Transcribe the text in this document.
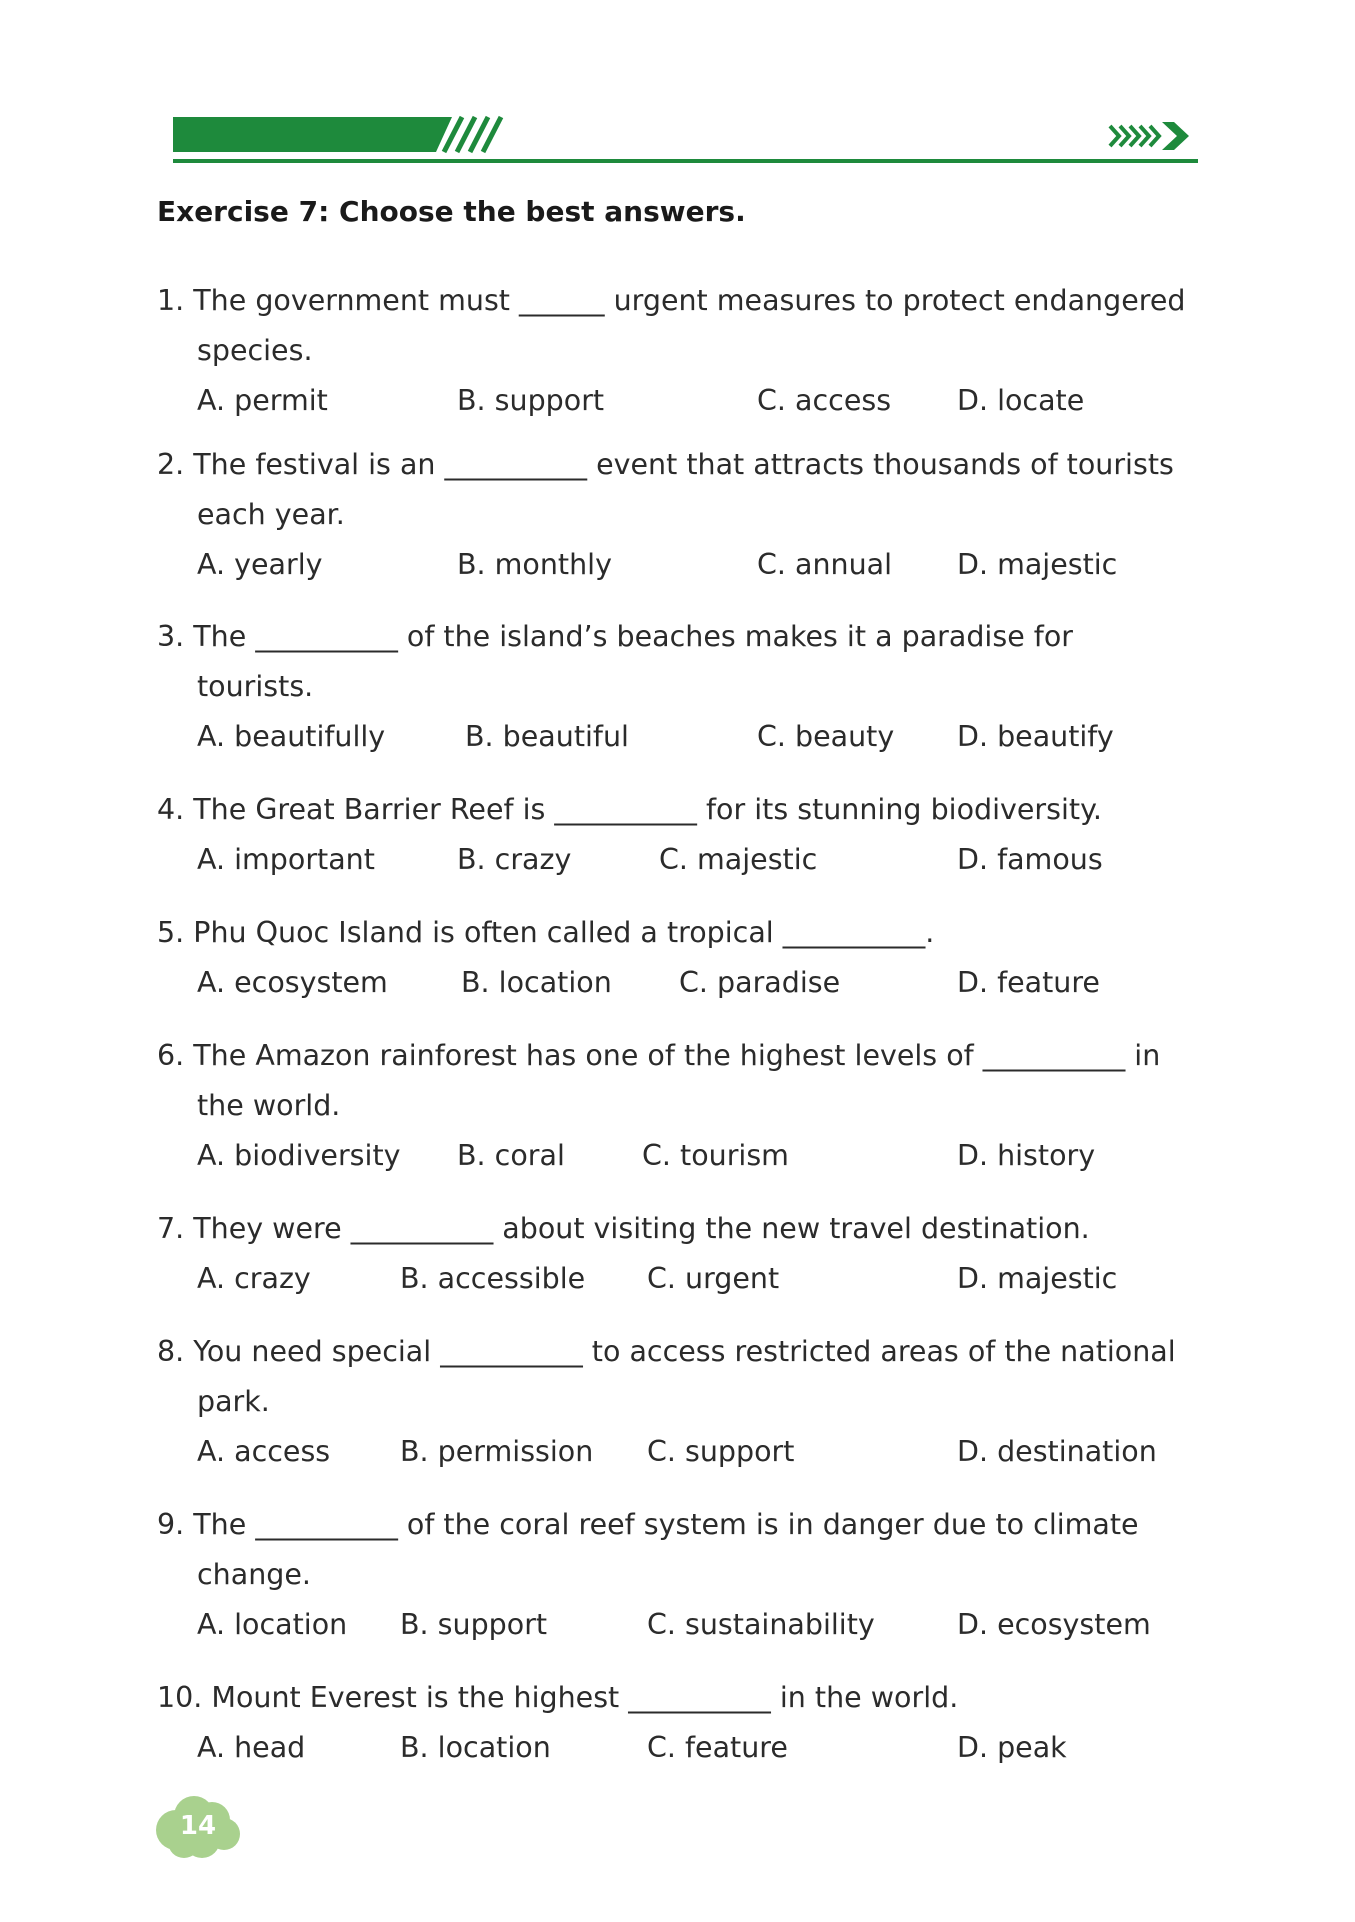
Exercise 7: Choose the best answers.
1. The government must ______ urgent measures to protect endangered
species.
A. permit	B. support	C. access D. locate
2. The festival is an __________ event that attracts thousands of tourists
each year.
A. yearly	B. monthly	C. annual D. majestic
3. The __________ of the island’s beaches makes it a paradise for
tourists.
A. beautifully	B. beautiful	C. beauty D. beautify
4. The Great Barrier Reef is __________ for its stunning biodiversity.
A. important	B. crazy	C. majestic	D. famous
5. Phu Quoc Island is often called a tropical __________.
A. ecosystem	B. location C. paradise	D. feature
6. The Amazon rainforest has one of the highest levels of __________ in
the world.
A. biodiversity B. coral	C. tourism	D. history
7. They were __________ about visiting the new travel destination.
A. crazy	B. accessible C. urgent	D. majestic
8. You need special __________ to access restricted areas of the national
park.
A. access B. permission C. support	D. destination
9. The __________ of the coral reef system is in danger due to climate
change.
A. location B. support	C. sustainability	D. ecosystem
10. Mount Everest is the highest __________ in the world.
A. head	B. location	C. feature	D. peak
14
